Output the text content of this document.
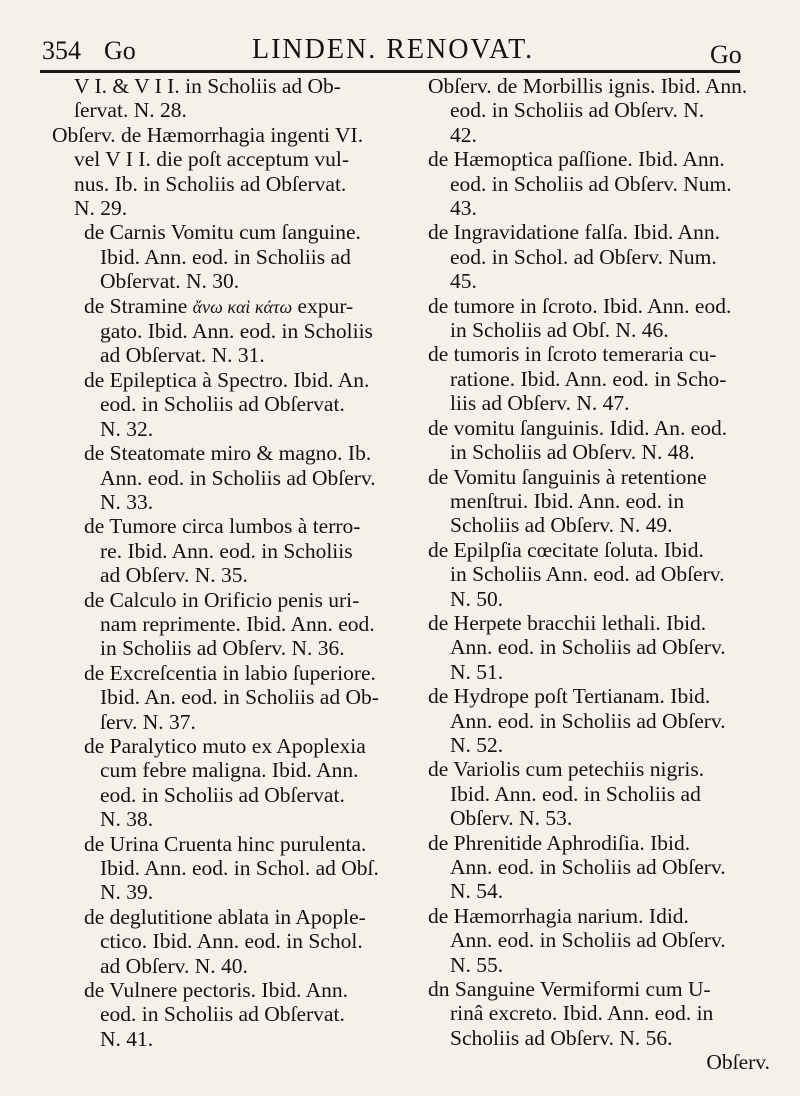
354 Go	LINDEN. RENOVAT.	Go
V I. & V I I. in Scholiis ad Ob-
ſervat. N. 28.
Obſerv. de Hæmorrhagia ingenti VI.
vel V I I. die poſt acceptum vul-
nus. Ib. in Scholiis ad Obſervat.
N. 29.
de Carnis Vomitu cum ſanguine.
Ibid. Ann. eod. in Scholiis ad
Obſervat. N. 30.
de Stramine ἄνω καὶ κάτω expur-
gato. Ibid. Ann. eod. in Scholiis
ad Obſervat. N. 31.
de Epileptica à Spectro. Ibid. An.
eod. in Scholiis ad Obſervat.
N. 32.
de Steatomate miro & magno. Ib.
Ann. eod. in Scholiis ad Obſerv.
N. 33.
de Tumore circa lumbos à terro-
re. Ibid. Ann. eod. in Scholiis
ad Obſerv. N. 35.
de Calculo in Orificio penis uri-
nam reprimente. Ibid. Ann. eod.
in Scholiis ad Obſerv. N. 36.
de Excreſcentia in labio ſuperiore.
Ibid. An. eod. in Scholiis ad Ob-
ſerv. N. 37.
de Paralytico muto ex Apoplexia
cum febre maligna. Ibid. Ann.
eod. in Scholiis ad Obſervat.
N. 38.
de Urina Cruenta hinc purulenta.
Ibid. Ann. eod. in Schol. ad Obſ.
N. 39.
de deglutitione ablata in Apople-
ctico. Ibid. Ann. eod. in Schol.
ad Obſerv. N. 40.
de Vulnere pectoris. Ibid. Ann.
eod. in Scholiis ad Obſervat.
N. 41.
Obſerv. de Morbillis ignis. Ibid. Ann.
eod. in Scholiis ad Obſerv. N.
42.
de Hæmoptica paſſione. Ibid. Ann.
eod. in Scholiis ad Obſerv. Num.
43.
de Ingravidatione falſa. Ibid. Ann.
eod. in Schol. ad Obſerv. Num.
45.
de tumore in ſcroto. Ibid. Ann. eod.
in Scholiis ad Obſ. N. 46.
de tumoris in ſcroto temeraria cu-
ratione. Ibid. Ann. eod. in Scho-
liis ad Obſerv. N. 47.
de vomitu ſanguinis. Idid. An. eod.
in Scholiis ad Obſerv. N. 48.
de Vomitu ſanguinis à retentione
menſtrui. Ibid. Ann. eod. in
Scholiis ad Obſerv. N. 49.
de Epilpſia cœcitate ſoluta. Ibid.
in Scholiis Ann. eod. ad Obſerv.
N. 50.
de Herpete bracchii lethali. Ibid.
Ann. eod. in Scholiis ad Obſerv.
N. 51.
de Hydrope poſt Tertianam. Ibid.
Ann. eod. in Scholiis ad Obſerv.
N. 52.
de Variolis cum petechiis nigris.
Ibid. Ann. eod. in Scholiis ad
Obſerv. N. 53.
de Phrenitide Aphrodiſia. Ibid.
Ann. eod. in Scholiis ad Obſerv.
N. 54.
de Hæmorrhagia narium. Idid.
Ann. eod. in Scholiis ad Obſerv.
N. 55.
dn Sanguine Vermiformi cum U-
rinâ excreto. Ibid. Ann. eod. in
Scholiis ad Obſerv. N. 56.
Obſerv.
